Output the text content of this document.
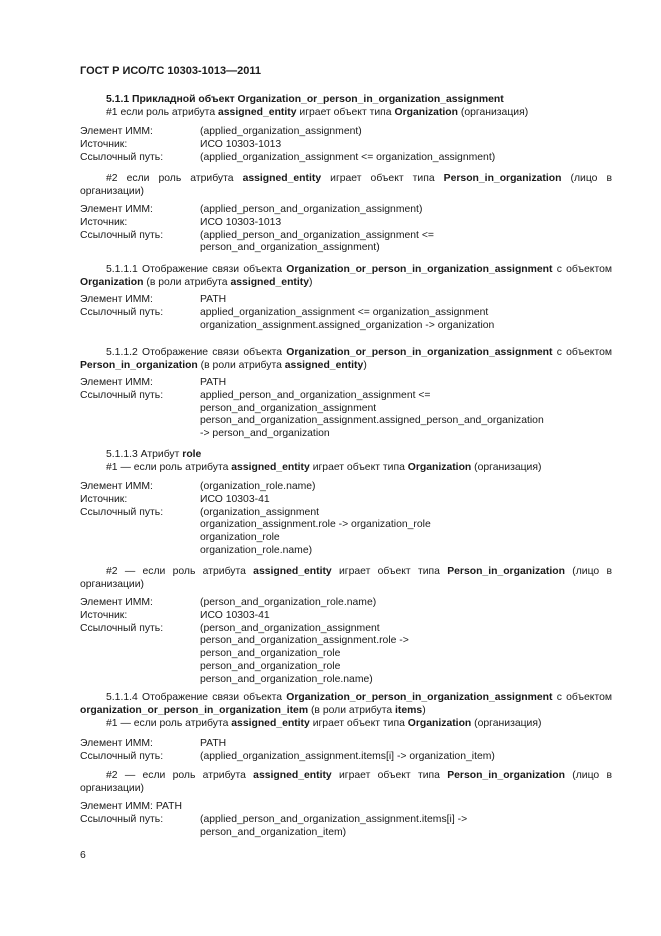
ГОСТ Р ИСО/ТС 10303-1013—2011
5.1.1 Прикладной объект Organization_or_person_in_organization_assignment
#1 если роль атрибута assigned_entity играет объект типа Organization (организация)
Элемент ИММ:	(applied_organization_assignment)
Источник:	ИСО 10303-1013
Ссылочный путь:	(applied_organization_assignment <= organization_assignment)
#2 если роль атрибута assigned_entity играет объект типа Person_in_organization (лицо в организации)
Элемент ИММ:	(applied_person_and_organization_assignment)
Источник:	ИСО 10303-1013
Ссылочный путь:	(applied_person_and_organization_assignment <=
person_and_organization_assignment)
5.1.1.1 Отображение связи объекта Organization_or_person_in_organization_assignment с объектом Organization (в роли атрибута assigned_entity)
Элемент ИММ:	PATH
Ссылочный путь:	applied_organization_assignment <= organization_assignment
organization_assignment.assigned_organization -> organization
5.1.1.2 Отображение связи объекта Organization_or_person_in_organization_assignment с объектом Person_in_organization (в роли атрибута assigned_entity)
Элемент ИММ:	PATH
Ссылочный путь:	applied_person_and_organization_assignment <=
person_and_organization_assignment
person_and_organization_assignment.assigned_person_and_organization
-> person_and_organization
5.1.1.3 Атрибут role
#1 — если роль атрибута assigned_entity играет объект типа Organization (организация)
Элемент ИММ:	(organization_role.name)
Источник:	ИСО 10303-41
Ссылочный путь:	(organization_assignment
organization_assignment.role -> organization_role
organization_role
organization_role.name)
#2 — если роль атрибута assigned_entity играет объект типа Person_in_organization (лицо в организации)
Элемент ИММ:	(person_and_organization_role.name)
Источник:	ИСО 10303-41
Ссылочный путь:	(person_and_organization_assignment
person_and_organization_assignment.role ->
person_and_organization_role
person_and_organization_role
person_and_organization_role.name)
5.1.1.4 Отображение связи объекта Organization_or_person_in_organization_assignment с объектом organization_or_person_in_organization_item (в роли атрибута items)
#1 — если роль атрибута assigned_entity играет объект типа Organization (организация)
Элемент ИММ:	PATH
Ссылочный путь:	(applied_organization_assignment.items[i] -> organization_item)
#2 — если роль атрибута assigned_entity играет объект типа Person_in_organization (лицо в организации)
Элемент ИММ: PATH
Ссылочный путь:	(applied_person_and_organization_assignment.items[i] ->
person_and_organization_item)
6
